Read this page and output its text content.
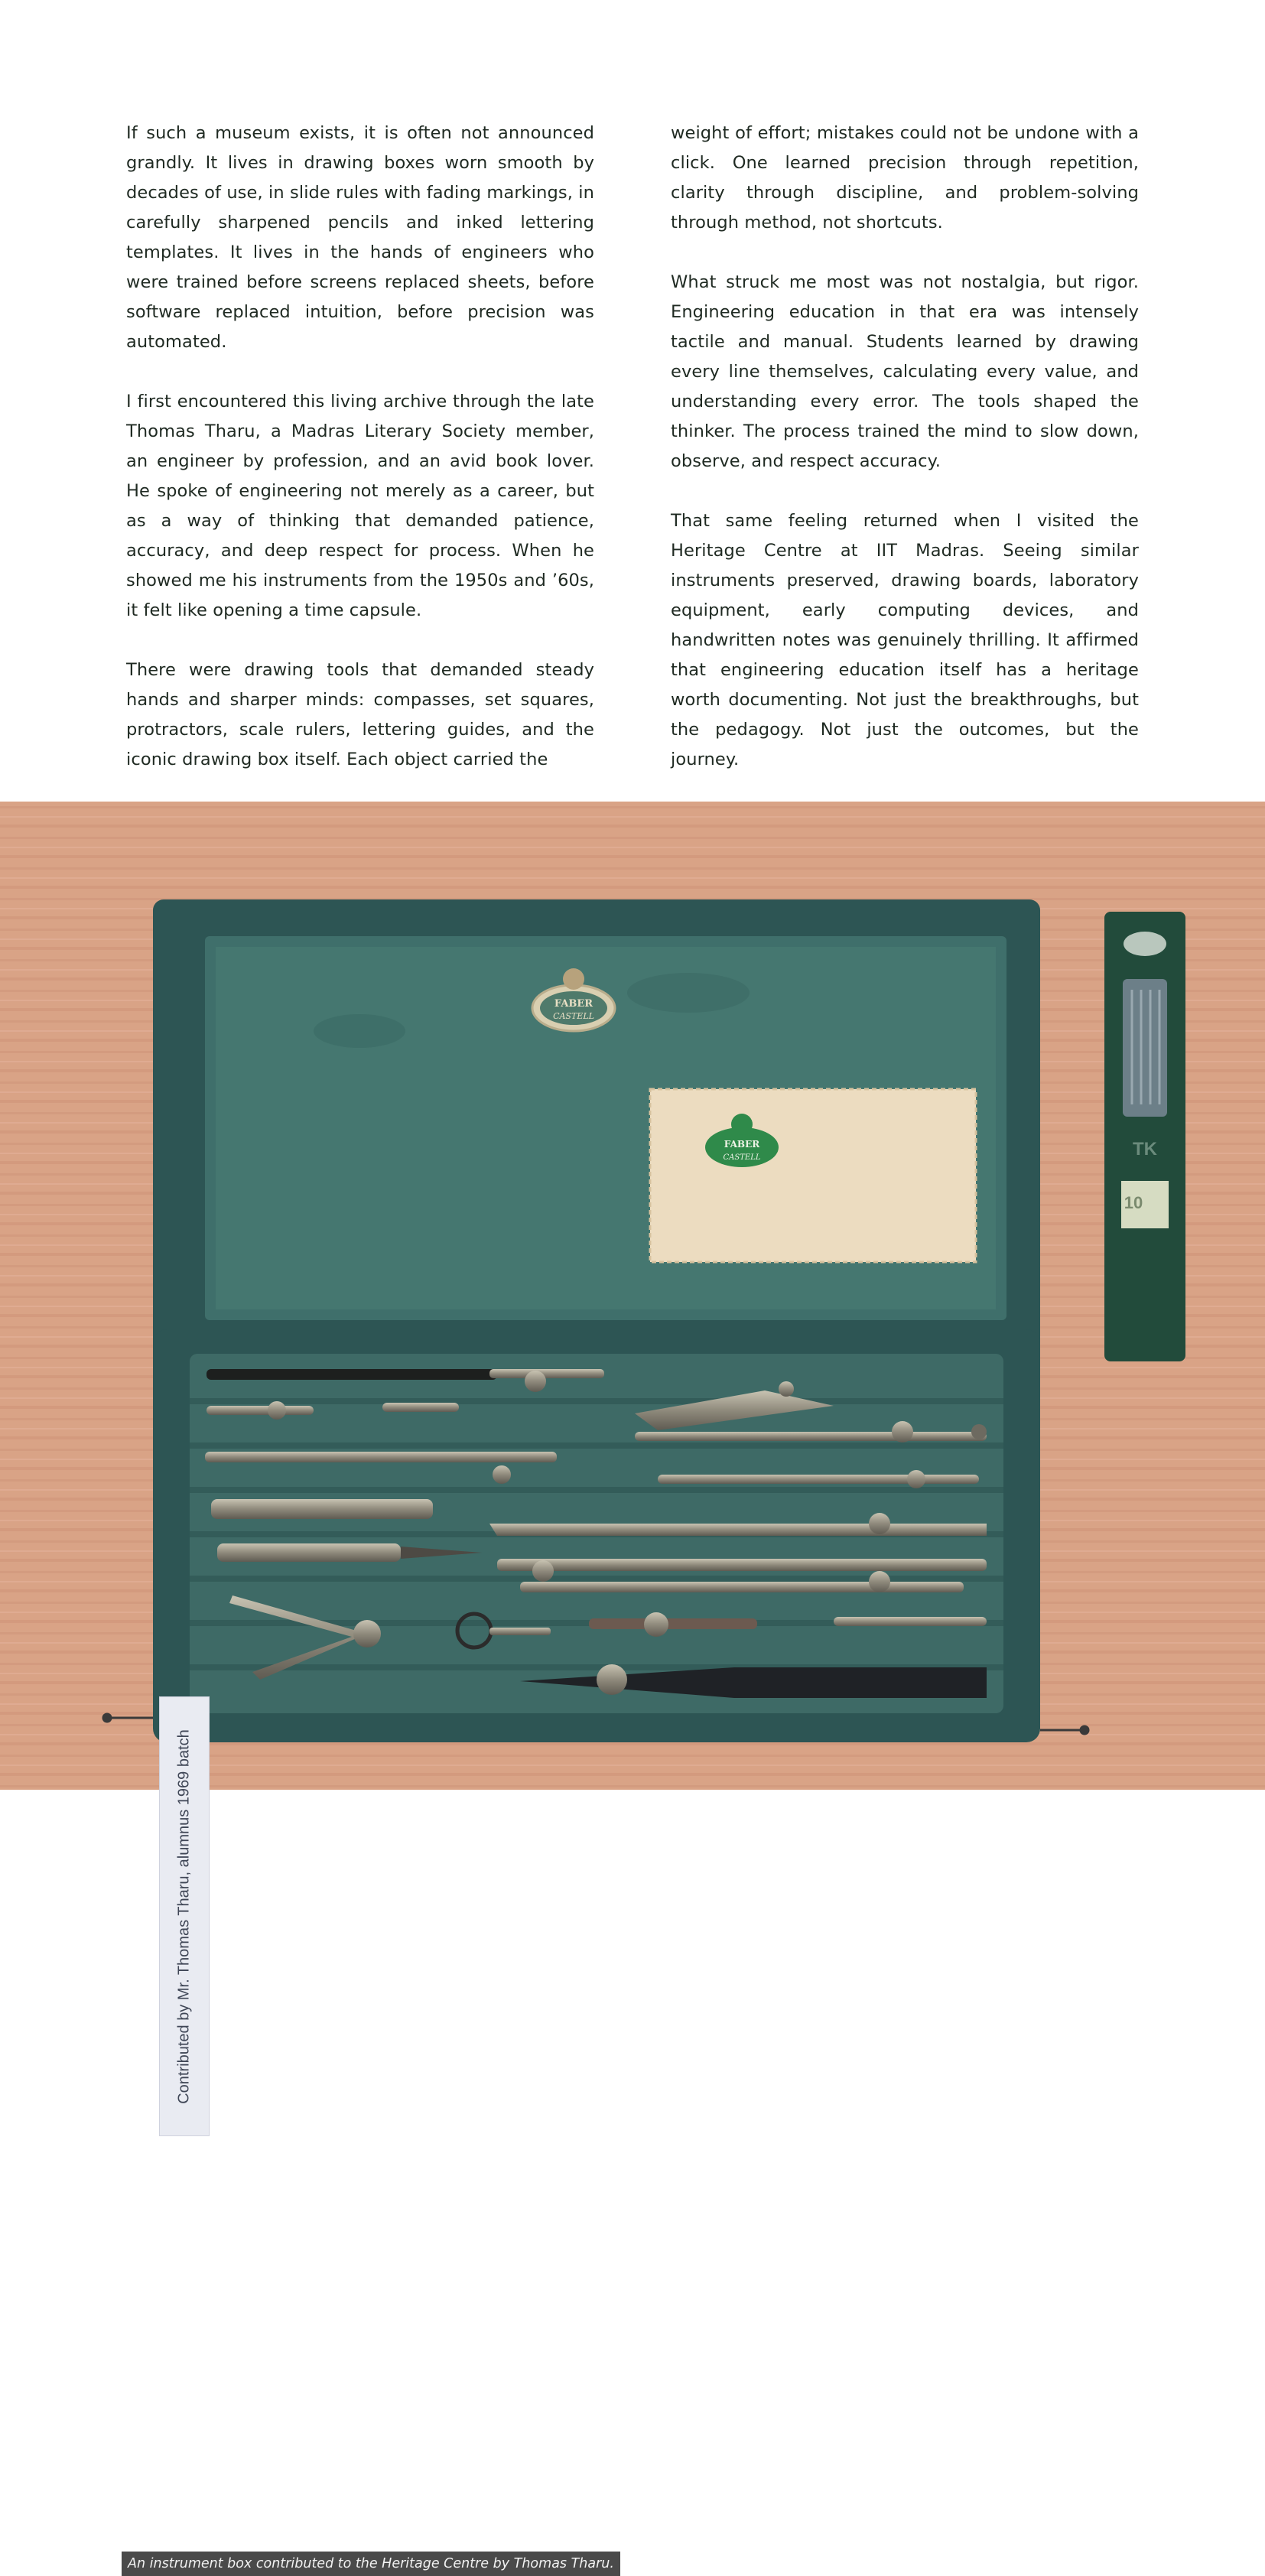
If such a museum exists, it is often not announced grandly. It lives in drawing boxes worn smooth by decades of use, in slide rules with fading markings, in carefully sharpened pencils and inked lettering templates. It lives in the hands of engineers who were trained before screens replaced sheets, before software replaced intuition, before precision was automated.

I first encountered this living archive through the late Thomas Tharu, a Madras Literary Society member, an engineer by profession, and an avid book lover. He spoke of engineering not merely as a career, but as a way of thinking that demanded patience, accuracy, and deep respect for process. When he showed me his instruments from the 1950s and ’60s, it felt like opening a time capsule.

There were drawing tools that demanded steady hands and sharper minds: compasses, set squares, protractors, scale rulers, lettering guides, and the iconic drawing box itself. Each object carried the

weight of effort; mistakes could not be undone with a click. One learned precision through repetition, clarity through discipline, and problem-solving through method, not shortcuts.

What struck me most was not nostalgia, but rigor. Engineering education in that era was intensely tactile and manual. Students learned by drawing every line themselves, calculating every value, and understanding every error. The tools shaped the thinker. The process trained the mind to slow down, observe, and respect accuracy.

That same feeling returned when I visited the Heritage Centre at IIT Madras. Seeing similar instruments preserved, drawing boards, laboratory equipment, early computing devices, and handwritten notes was genuinely thrilling. It affirmed that engineering education itself has a heritage worth documenting. Not just the breakthroughs, but the pedagogy. Not just the outcomes, but the journey.

FABER
CASTELL
FABER
CASTELL	TK
10
Contributed by Mr. Thomas Tharu, alumnus 1969 batch
An instrument box contributed to the Heritage Centre by Thomas Tharu.
